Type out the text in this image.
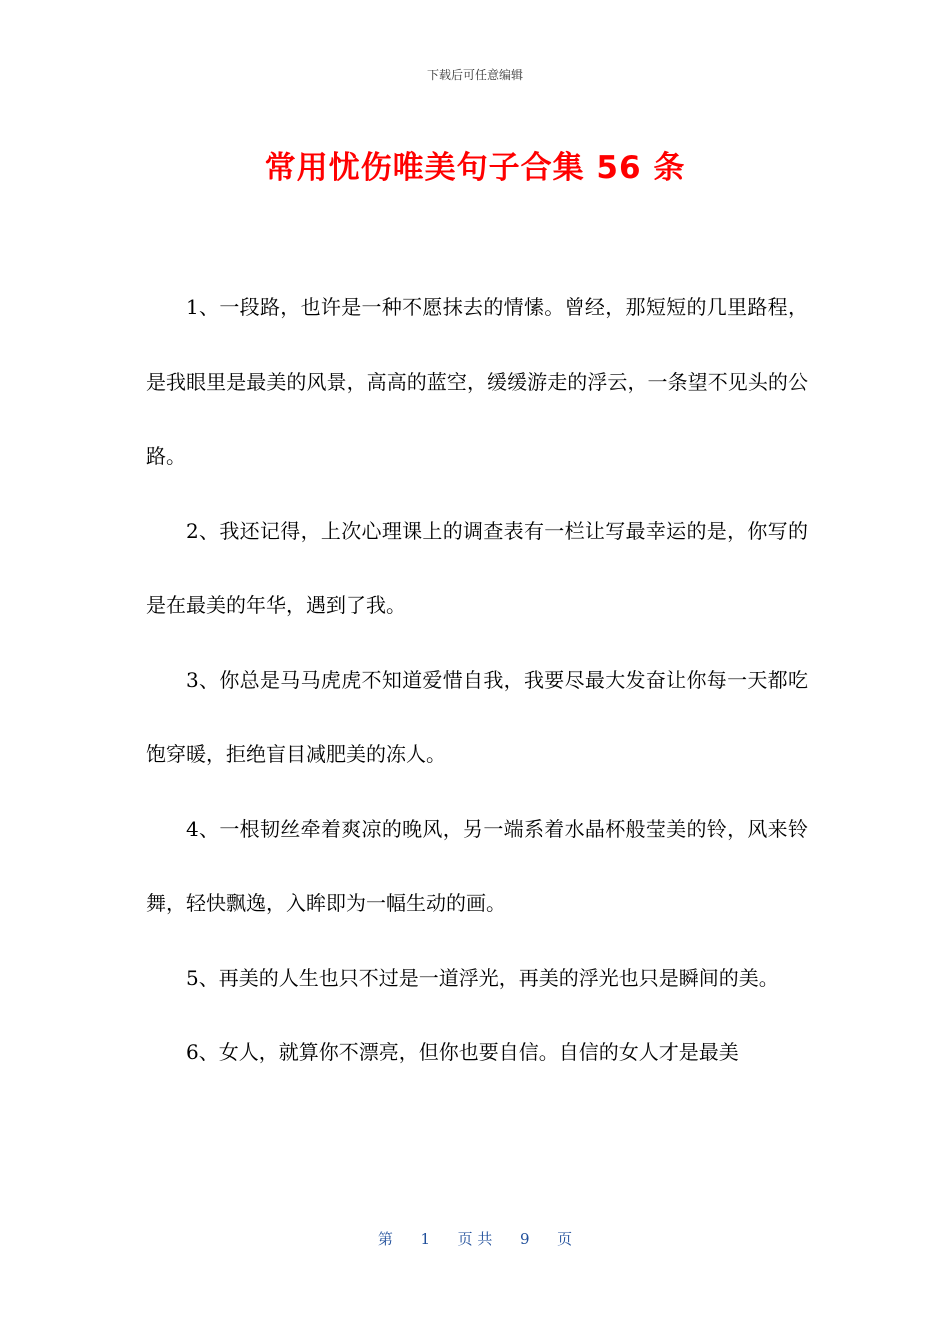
下载后可任意编辑
常用忧伤唯美句子合集 56 条

1、一段路，也许是一种不愿抹去的情愫。曾经，那短短的几里路程，是我眼里是最美的风景，高高的蓝空，缓缓游走的浮云，一条望不见头的公路。

2、我还记得，上次心理课上的调查表有一栏让写最幸运的是，你写的是在最美的年华，遇到了我。

3、你总是马马虎虎不知道爱惜自我，我要尽最大发奋让你每一天都吃饱穿暖，拒绝盲目减肥美的冻人。

4、一根韧丝牵着爽凉的晚风，另一端系着水晶杯般莹美的铃，风来铃舞，轻快飘逸，入眸即为一幅生动的画。

5、再美的人生也只不过是一道浮光，再美的浮光也只是瞬间的美。

6、女人，就算你不漂亮，但你也要自信。自信的女人才是最美

第 1 页 共 9 页
